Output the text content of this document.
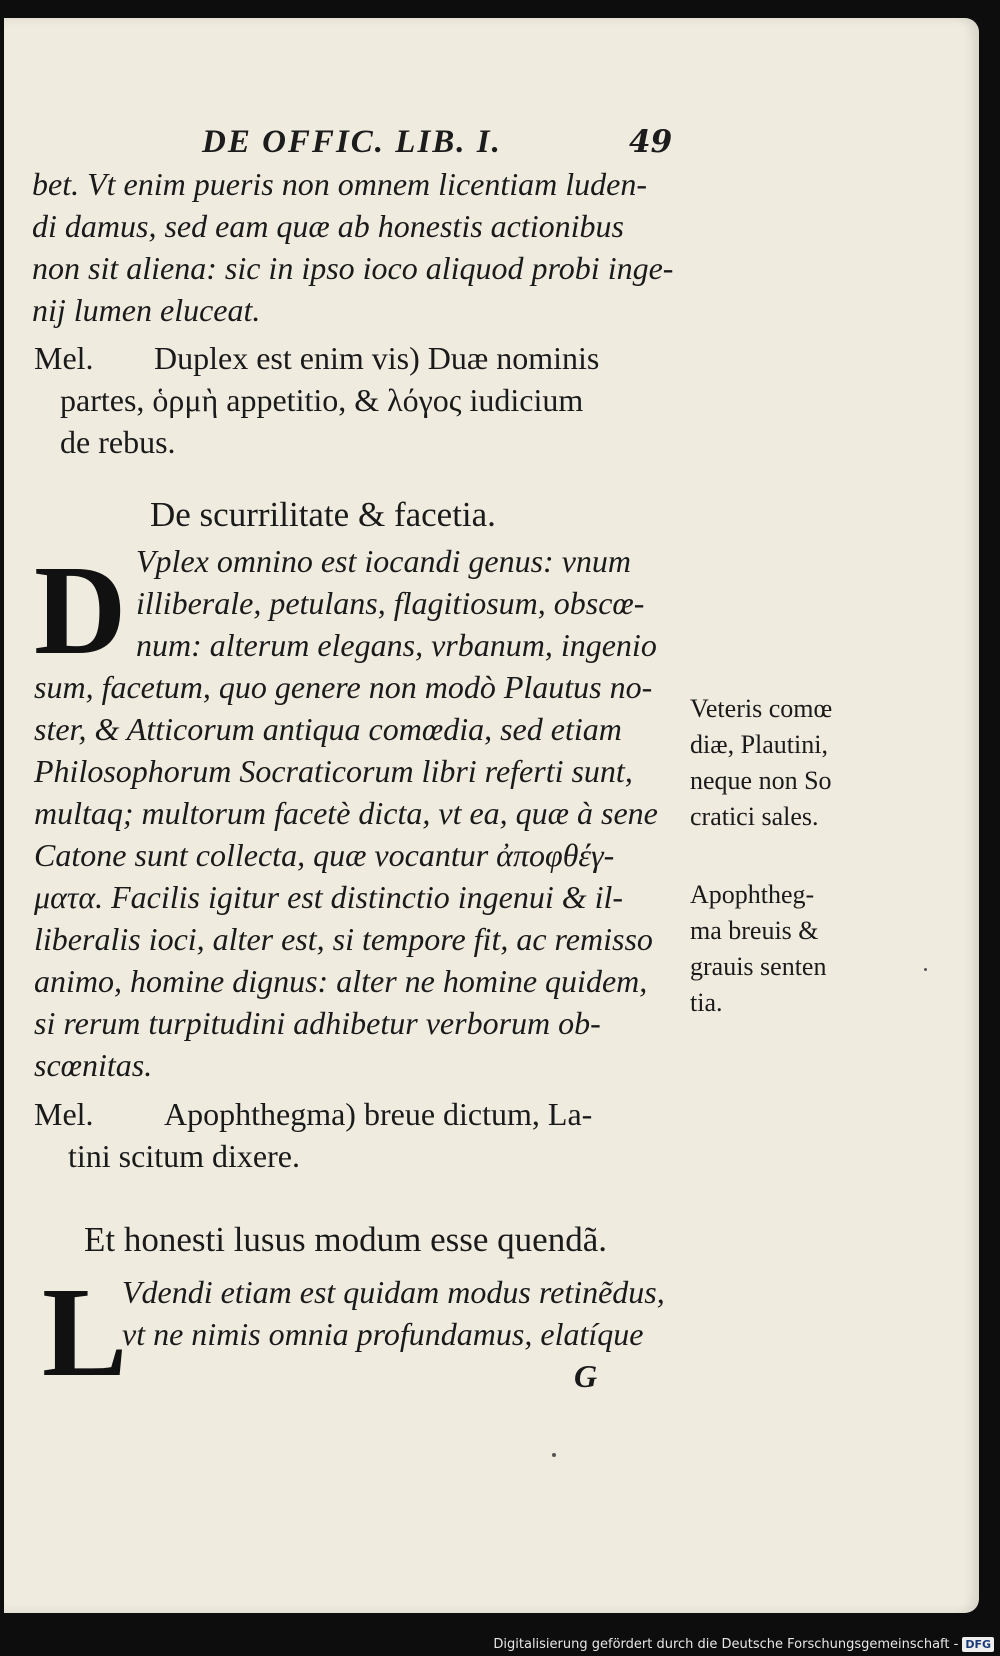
DE OFFIC. LIB. I.	49
bet. Vt enim pueris non omnem licentiam luden-
di damus, sed eam quæ ab honestis actionibus
non sit aliena: sic in ipso ioco aliquod probi inge-
nij lumen eluceat.
Mel. Duplex est enim vis) Duæ nominis
partes, ὁρμὴ appetitio, & λόγος iudicium
de rebus.
De scurrilitate & facetia.
D Vplex omnino est iocandi genus: vnum
illiberale, petulans, flagitiosum, obscœ-
num: alterum elegans, vrbanum, ingenio
sum, facetum, quo genere non modò Plautus no-
ster, & Atticorum antiqua comœdia, sed etiam
Philosophorum Socraticorum libri referti sunt,
multaq; multorum facetè dicta, vt ea, quæ à sene
Catone sunt collecta, quæ vocantur ἀποφθέγ-
ματα. Facilis igitur est distinctio ingenui & il-
liberalis ioci, alter est, si tempore fit, ac remisso
animo, homine dignus: alter ne homine quidem,
si rerum turpitudini adhibetur verborum ob-
scœnitas.
Mel. Apophthegma) breue dictum, La-
tini scitum dixere.
Et honesti lusus modum esse quendã.
L
Vdendi etiam est quidam modus retinẽdus,
vt ne nimis omnia profundamus, elatíque
G
Veteris comœ
diæ, Plautini,
neque non So
cratici sales.
Apophtheg-
ma breuis &
grauis senten
tia.
Digitalisierung gefördert durch die Deutsche Forschungsgemeinschaft - DFG
